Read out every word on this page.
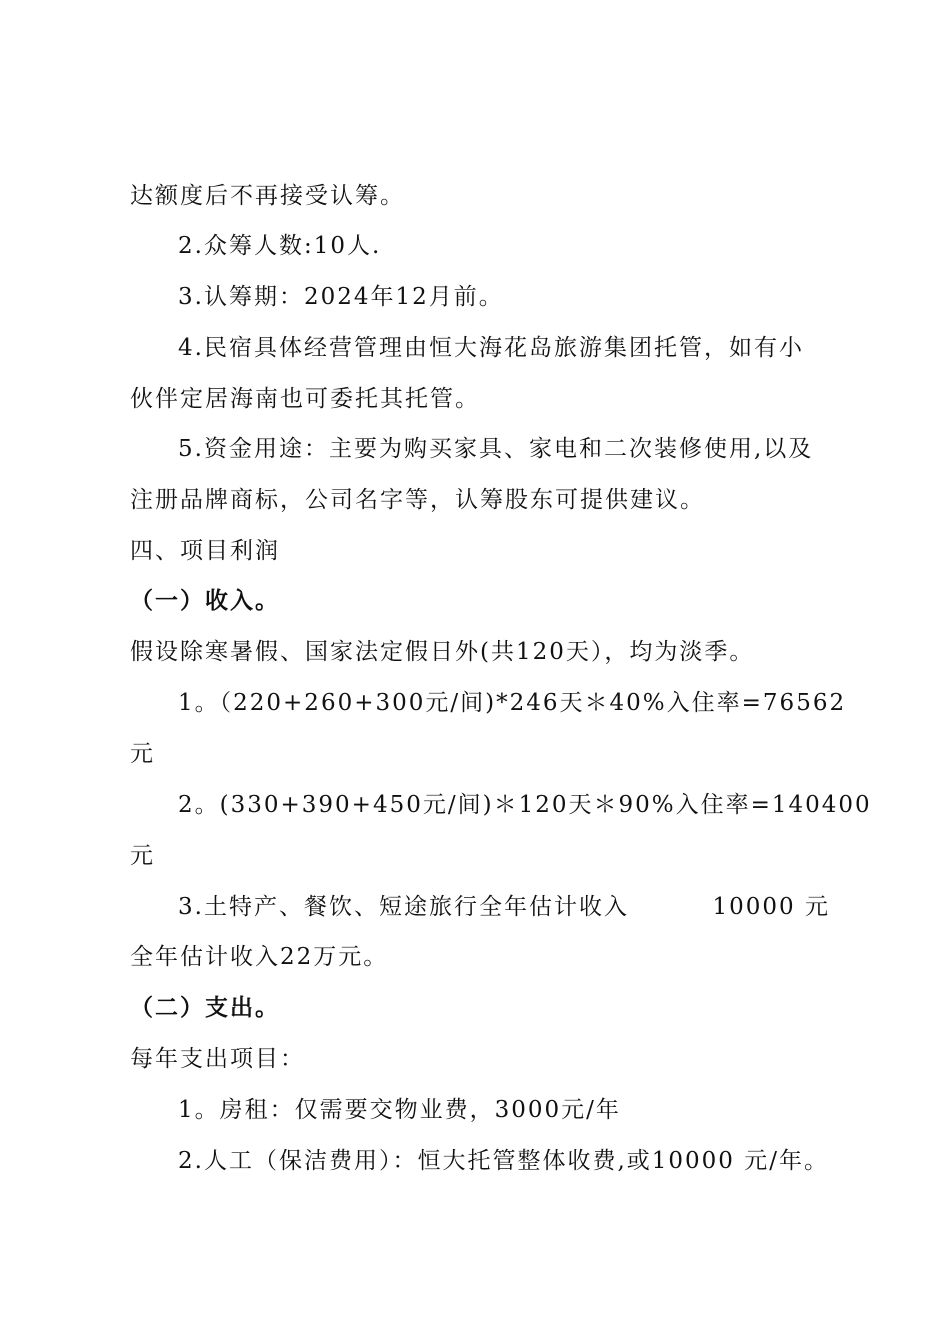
达额度后不再接受认筹。
2.众筹人数:10人.
3.认筹期：2024年12月前。
4.民宿具体经营管理由恒大海花岛旅游集团托管，如有小
伙伴定居海南也可委托其托管。
5.资金用途：主要为购买家具、家电和二次装修使用,以及
注册品牌商标，公司名字等，认筹股东可提供建议。
四、项目利润
（一）收入。
假设除寒暑假、国家法定假日外(共120天），均为淡季。
1。（220+260+300 元/间)*246 天＊40% 入住率= 76562
元
2。(330+390+450 元/间)＊120 天＊90% 入住率= 140400
元
3.土特产、餐饮、短途旅行全年估计收入	10000 元
全年估计收入22万元。
（二）支出。
每年支出项目：
1。房租：仅需要交物业费，3000元/年
2.人工（保洁费用）：恒大托管整体收费,或10000 元/年。
